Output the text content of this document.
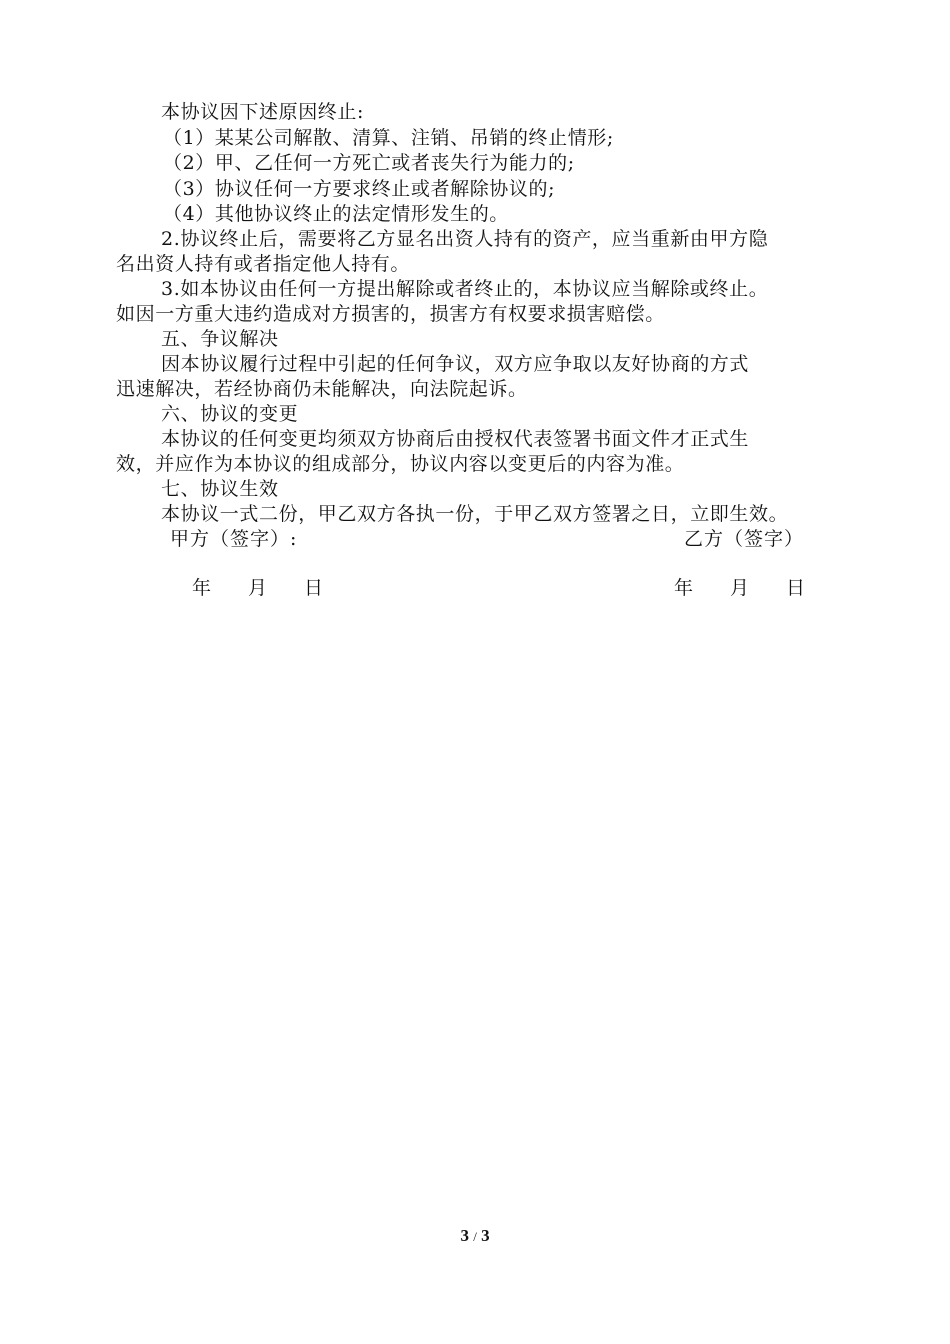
本协议因下述原因终止:
（1）某某公司解散、清算、注销、吊销的终止情形;
（2）甲、乙任何一方死亡或者丧失行为能力的;
（3）协议任何一方要求终止或者解除协议的;
（4）其他协议终止的法定情形发生的。
2.协议终止后，需要将乙方显名出资人持有的资产，应当重新由甲方隐
名出资人持有或者指定他人持有。
3.如本协议由任何一方提出解除或者终止的，本协议应当解除或终止。
如因一方重大违约造成对方损害的，损害方有权要求损害赔偿。
五、争议解决
因本协议履行过程中引起的任何争议，双方应争取以友好协商的方式
迅速解决，若经协商仍未能解决，向法院起诉。
六、协议的变更
本协议的任何变更均须双方协商后由授权代表签署书面文件才正式生
效，并应作为本协议的组成部分，协议内容以变更后的内容为准。
七、协议生效
本协议一式二份，甲乙双方各执一份，于甲乙双方签署之日，立即生效。
甲方（签字）:	乙方（签字）
年 月 日	年 月 日
3 / 3
